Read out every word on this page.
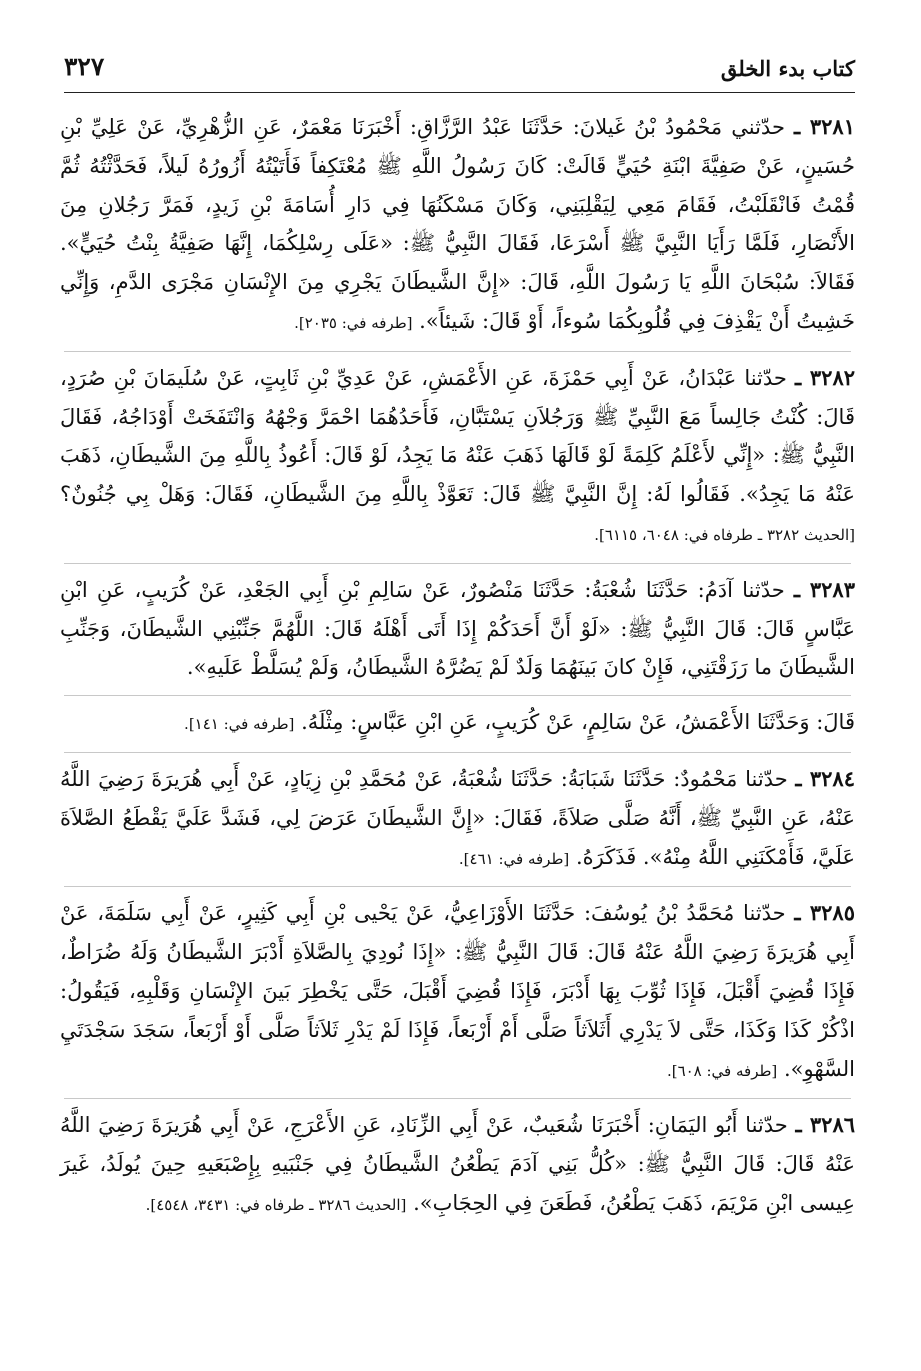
كتاب بدء الخلق
٣٢٧

٣٢٨١ ـ حدّثني مَحْمُودُ بْنُ غَيلانَ: حَدَّثَنَا عَبْدُ الرَّزَّاقِ: أَخْبَرَنَا مَعْمَرٌ، عَنِ الزُّهْرِيِّ، عَنْ عَلِيِّ بْنِ حُسَينٍ، عَنْ صَفِيَّةَ ابْنَةِ حُيَيٍّ قَالَتْ: كَانَ رَسُولُ اللَّهِ ﷺ مُعْتَكِفاً فَأَتَيْتُهُ أَزُورُهُ لَيلاً، فَحَدَّثْتُهُ ثُمَّ قُمْتُ فَانْقَلَبْتُ، فَقَامَ مَعِي لِيَقْلِبَنِي، وَكَانَ مَسْكَنُهَا فِي دَارِ أُسَامَةَ بْنِ زَيدٍ، فَمَرَّ رَجُلانِ مِنَ الأَنْصَارِ، فَلَمَّا رَأَيَا النَّبِيَّ ﷺ أَسْرَعَا، فَقَالَ النَّبِيُّ ﷺ: «عَلَى رِسْلِكُمَا، إِنَّهَا صَفِيَّةُ بِنْتُ حُيَيٍّ». فَقَالاَ: سُبْحَانَ اللَّهِ يَا رَسُولَ اللَّهِ، قَالَ: «إِنَّ الشَّيطَانَ يَجْرِي مِنَ الإِنْسَانِ مَجْرَى الدَّمِ، وَإِنِّي خَشِيتُ أَنْ يَقْذِفَ فِي قُلُوبِكُمَا سُوءاً، أَوْ قَالَ: شَيئاً». [طرفه في: ٢٠٣٥].

٣٢٨٢ ـ حدّثنا عَبْدَانُ، عَنْ أَبِي حَمْزَةَ، عَنِ الأَعْمَشِ، عَنْ عَدِيِّ بْنِ ثَابِتٍ، عَنْ سُلَيمَانَ بْنِ صُرَدٍ، قَالَ: كُنْتُ جَالِساً مَعَ النَّبِيِّ ﷺ وَرَجُلاَنِ يَسْتَبَّانِ، فَأَحَدُهُمَا احْمَرَّ وَجْهُهُ وَانْتَفَخَتْ أَوْدَاجُهُ، فَقَالَ النَّبِيُّ ﷺ: «إِنِّي لأَعْلَمُ كَلِمَةً لَوْ قَالَهَا ذَهَبَ عَنْهُ مَا يَجِدُ، لَوْ قَالَ: أَعُوذُ بِاللَّهِ مِنَ الشَّيطَانِ، ذَهَبَ عَنْهُ مَا يَجِدُ». فَقَالُوا لَهُ: إِنَّ النَّبِيَّ ﷺ قَالَ: تَعَوَّذْ بِاللَّهِ مِنَ الشَّيطَانِ، فَقَالَ: وَهَلْ بِي جُنُونٌ؟ [الحديث ٣٢٨٢ ـ طرفاه في: ٦٠٤٨، ٦١١٥].

٣٢٨٣ ـ حدّثنا آدَمُ: حَدَّثَنَا شُعْبَةُ: حَدَّثَنَا مَنْصُورٌ، عَنْ سَالِمِ بْنِ أَبِي الجَعْدِ، عَنْ كُرَيبٍ، عَنِ ابْنِ عَبَّاسٍ قَالَ: قَالَ النَّبِيُّ ﷺ: «لَوْ أَنَّ أَحَدَكُمْ إِذَا أَتَى أَهْلَهُ قَالَ: اللَّهُمَّ جَنِّبْنِي الشَّيطَانَ، وَجَنِّبِ الشَّيطَانَ ما رَزَقْتَنِي، فَإِنْ كانَ بَينَهُمَا وَلَدٌ لَمْ يَضُرَّهُ الشَّيطَانُ، وَلَمْ يُسَلَّطْ عَلَيهِ».

قَالَ: وَحَدَّثَنَا الأَعْمَشُ، عَنْ سَالِمٍ، عَنْ كُرَيبٍ، عَنِ ابْنِ عَبَّاسٍ: مِثْلَهُ. [طرفه في: ١٤١].

٣٢٨٤ ـ حدّثنا مَحْمُودٌ: حَدَّثَنَا شَبَابَةُ: حَدَّثَنَا شُعْبَةُ، عَنْ مُحَمَّدِ بْنِ زِيَادٍ، عَنْ أَبِي هُرَيرَةَ رَضِيَ اللَّهُ عَنْهُ، عَنِ النَّبِيِّ ﷺ، أَنَّهُ صَلَّى صَلاَةً، فَقَالَ: «إِنَّ الشَّيطَانَ عَرَضَ لِي، فَشَدَّ عَلَيَّ يَقْطَعُ الصَّلاَةَ عَلَيَّ، فَأَمْكَنَنِي اللَّهُ مِنْهُ». فَذَكَرَهُ. [طرفه في: ٤٦١].

٣٢٨٥ ـ حدّثنا مُحَمَّدُ بْنُ يُوسُفَ: حَدَّثَنَا الأَوْزَاعِيُّ، عَنْ يَحْيى بْنِ أَبِي كَثِيرٍ، عَنْ أَبِي سَلَمَةَ، عَنْ أَبِي هُرَيرَةَ رَضِيَ اللَّهُ عَنْهُ قَالَ: قَالَ النَّبِيُّ ﷺ: «إِذَا نُودِيَ بِالصَّلاَةِ أَدْبَرَ الشَّيطَانُ وَلَهُ ضُرَاطٌ، فَإِذَا قُضِيَ أَقْبَلَ، فَإِذَا ثُوِّبَ بِهَا أَدْبَرَ، فَإِذَا قُضِيَ أَقْبَلَ، حَتَّى يَخْطِرَ بَينَ الإِنْسَانِ وَقَلْبِهِ، فَيَقُولُ: اذْكُرْ كَذَا وَكَذَا، حَتَّى لاَ يَدْرِي أَثَلاَثاً صَلَّى أَمْ أَرْبَعاً، فَإِذَا لَمْ يَدْرِ ثَلاَثاً صَلَّى أَوْ أَرْبَعاً، سَجَدَ سَجْدَتَيِ السَّهْوِ». [طرفه في: ٦٠٨].

٣٢٨٦ ـ حدّثنا أَبُو اليَمَانِ: أَخْبَرَنَا شُعَيبٌ، عَنْ أَبِي الزِّنَادِ، عَنِ الأَعْرَجِ، عَنْ أَبِي هُرَيرَةَ رَضِيَ اللَّهُ عَنْهُ قَالَ: قَالَ النَّبِيُّ ﷺ: «كُلُّ بَنِي آدَمَ يَطْعُنُ الشَّيطَانُ فِي جَنْبَيهِ بِإِصْبَعَيهِ حِينَ يُولَدُ، غَيرَ عِيسى ابْنِ مَرْيَمَ، ذَهَبَ يَطْعُنُ، فَطَعَنَ فِي الحِجَابِ». [الحديث ٣٢٨٦ ـ طرفاه في: ٣٤٣١، ٤٥٤٨].
